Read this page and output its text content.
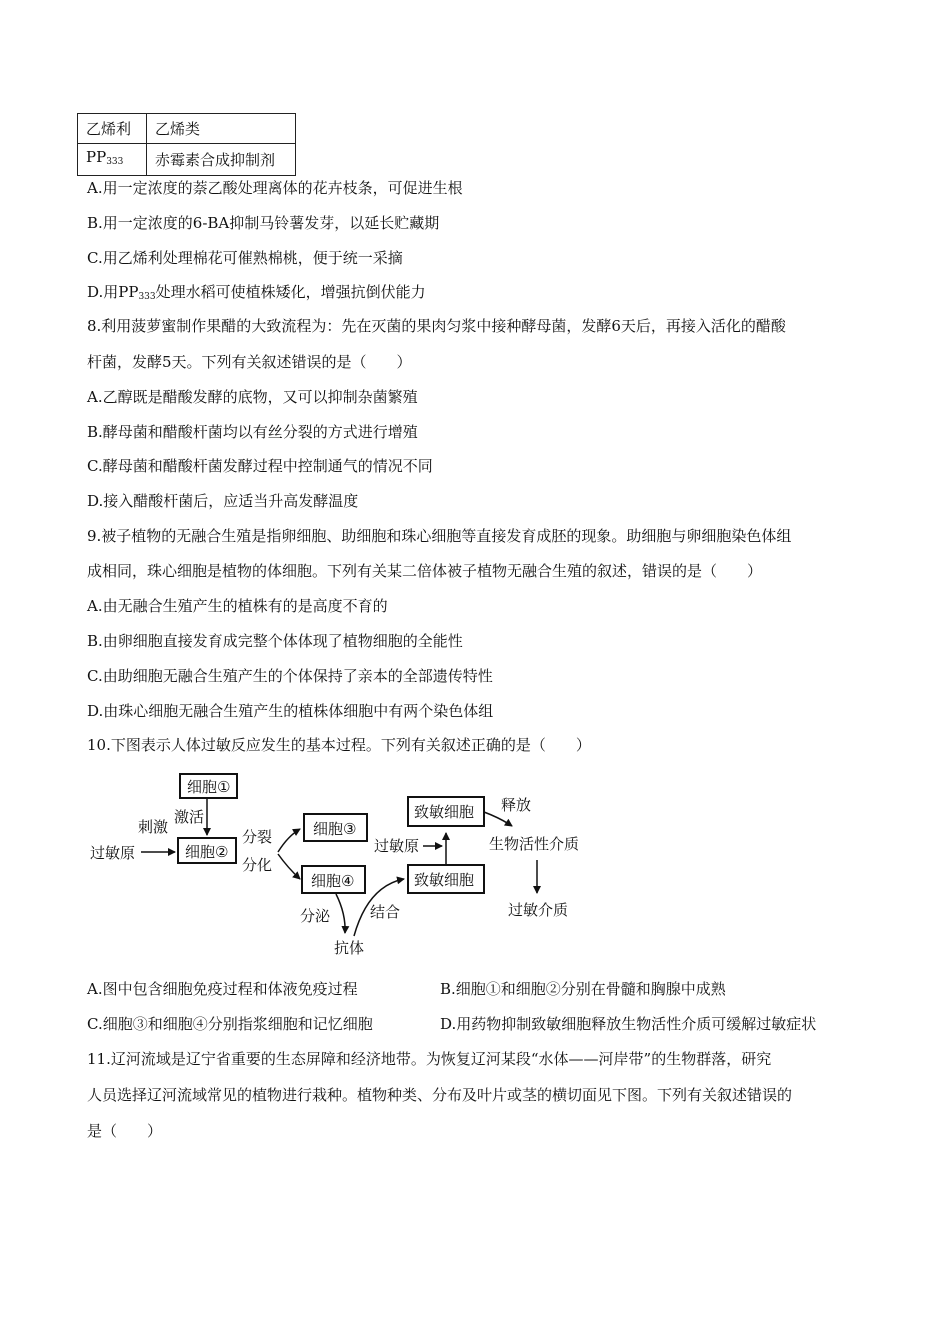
乙烯利	乙烯类
$PP_{333}$	赤霉素合成抑制剂
A.用一定浓度的萘乙酸处理离体的花卉枝条，可促进生根
B.用一定浓度的6-BA抑制马铃薯发芽，以延长贮藏期
C.用乙烯利处理棉花可催熟棉桃，便于统一采摘
D.用$PP_{333}$处理水稻可使植株矮化，增强抗倒伏能力
8.利用菠萝蜜制作果醋的大致流程为：先在灭菌的果肉匀浆中接种酵母菌，发酵6天后，再接入活化的醋酸
杆菌，发酵5天。下列有关叙述错误的是（　　）
A.乙醇既是醋酸发酵的底物，又可以抑制杂菌繁殖
B.酵母菌和醋酸杆菌均以有丝分裂的方式进行增殖
C.酵母菌和醋酸杆菌发酵过程中控制通气的情况不同
D.接入醋酸杆菌后，应适当升高发酵温度
9.被子植物的无融合生殖是指卵细胞、助细胞和珠心细胞等直接发育成胚的现象。助细胞与卵细胞染色体组
成相同，珠心细胞是植物的体细胞。下列有关某二倍体被子植物无融合生殖的叙述，错误的是（　　）
A.由无融合生殖产生的植株有的是高度不育的
B.由卵细胞直接发育成完整个体体现了植物细胞的全能性
C.由助细胞无融合生殖产生的个体保持了亲本的全部遗传特性
D.由珠心细胞无融合生殖产生的植株体细胞中有两个染色体组
10.下图表示人体过敏反应发生的基本过程。下列有关叙述正确的是（　　）
细胞①
激活
刺激
过敏原	细胞②
分裂
分化
细胞③
细胞④
分泌
抗体
结合
致敏细胞
过敏原
致敏细胞 释放
生物活性介质
过敏介质
A.图中包含细胞免疫过程和体液免疫过程	B.细胞①和细胞②分别在骨髓和胸腺中成熟
C.细胞③和细胞④分别指浆细胞和记忆细胞	D.用药物抑制致敏细胞释放生物活性介质可缓解过敏症状
11.辽河流域是辽宁省重要的生态屏障和经济地带。为恢复辽河某段“水体——河岸带”的生物群落，研究
人员选择辽河流域常见的植物进行栽种。植物种类、分布及叶片或茎的横切面见下图。下列有关叙述错误的
是（　　）
